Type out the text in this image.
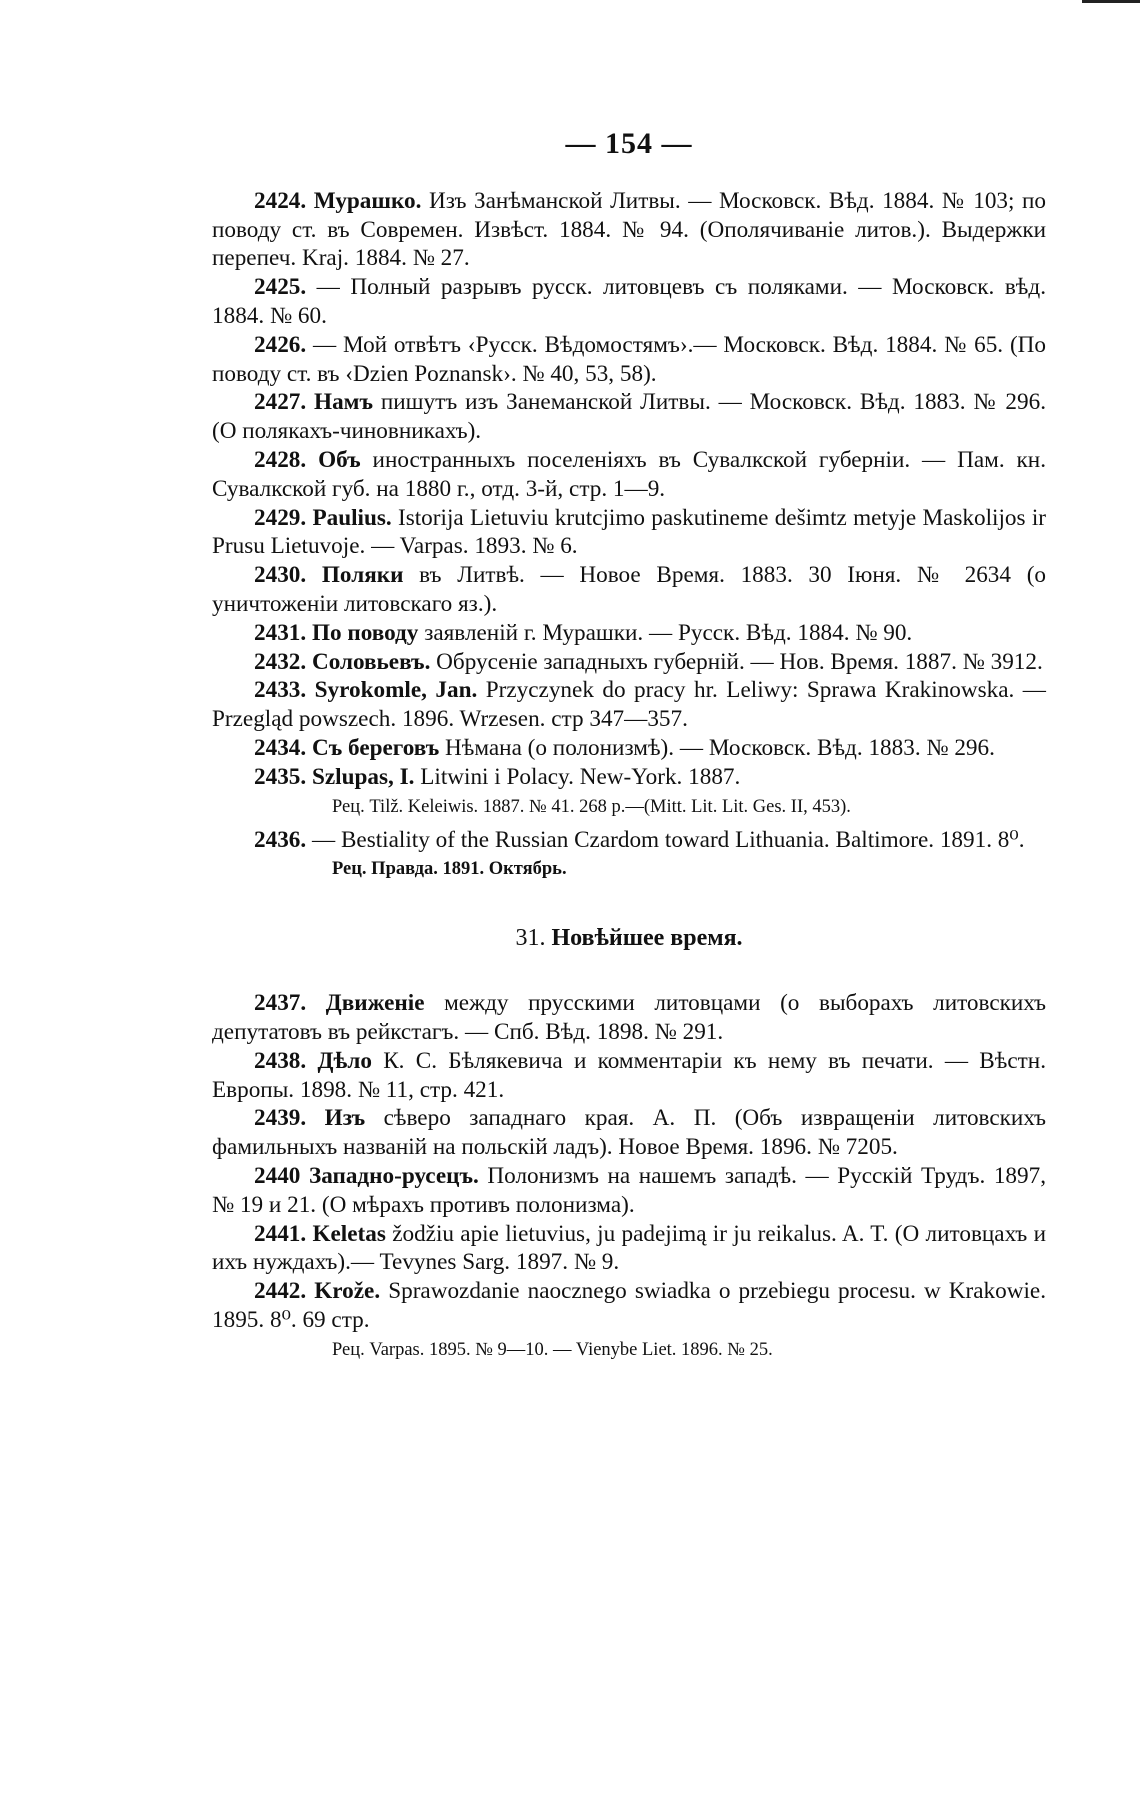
— 154 —

2424. Мурашко. Изъ Занѣманской Литвы. — Московск. Вѣд. 1884. № 103; по поводу ст. въ Современ. Извѣст. 1884. № 94. (Ополячиваніе литов.). Выдержки перепеч. Kraj. 1884. № 27.

2425. — Полный разрывъ русск. литовцевъ съ поляками. — Московск. вѣд. 1884. № 60.

2426. — Мой отвѣтъ ‹Русск. Вѣдомостямъ›.— Московск. Вѣд. 1884. № 65. (По поводу ст. въ ‹Dzien Poznansk›. № 40, 53, 58).

2427. Намъ пишутъ изъ Занеманской Литвы. — Московск. Вѣд. 1883. № 296. (О полякахъ-чиновникахъ).

2428. Объ иностранныхъ поселеніяхъ въ Сувалкской губерніи. — Пам. кн. Сувалкской губ. на 1880 г., отд. 3-й, стр. 1—9.

2429. Paulius. Istorija Lietuviu krutcjimo paskutineme dešimtz metyje Maskolijos ir Prusu Lietuvoje. — Varpas. 1893. № 6.

2430. Поляки въ Литвѣ. — Новое Время. 1883. 30 Іюня. № 2634 (о уничтоженіи литовскаго яз.).

2431. По поводу заявленій г. Мурашки. — Русск. Вѣд. 1884. № 90.

2432. Соловьевъ. Обрусеніе западныхъ губерній. — Нов. Время. 1887. № 3912.

2433. Syrokomle, Jan. Przyczynek do pracy hr. Leliwy: Sprawa Krakinowska. — Przegląd powszech. 1896. Wrzesen. стр 347—357.

2434. Съ береговъ Нѣмана (о полонизмѣ). — Московск. Вѣд. 1883. № 296.

2435. Szlupas, I. Litwini i Polacy. New-York. 1887.

Рец. Tilž. Keleiwis. 1887. № 41. 268 p.—(Mitt. Lit. Lit. Ges. II, 453).

2436. — Bestiality of the Russian Czardom toward Lithuania. Baltimore. 1891. 8⁰.

Рец. Правда. 1891. Октябрь.

31. Новѣйшее время.

2437. Движеніе между прусскими литовцами (о выборахъ литовскихъ депутатовъ въ рейкстагъ. — Спб. Вѣд. 1898. № 291.

2438. Дѣло К. С. Бѣлякевича и комментаріи къ нему въ печати. — Вѣстн. Европы. 1898. № 11, стр. 421.

2439. Изъ сѣверо западнаго края. А. П. (Объ извращеніи литовскихъ фамильныхъ названій на польскій ладъ). Новое Время. 1896. № 7205.

2440 Западно-русецъ. Полонизмъ на нашемъ западѣ. — Русскій Трудъ. 1897, № 19 и 21. (О мѣрахъ противъ полонизма).

2441. Keletas žodžiu apie lietuvius, ju padejimą ir ju reikalus. A. T. (О литовцахъ и ихъ нуждахъ).— Tevynes Sarg. 1897. № 9.

2442. Krože. Sprawozdanie naocznego swiadka o przebiegu procesu. w Krakowie. 1895. 8⁰. 69 стр.

Рец. Varpas. 1895. № 9—10. — Vienybe Liet. 1896. № 25.
